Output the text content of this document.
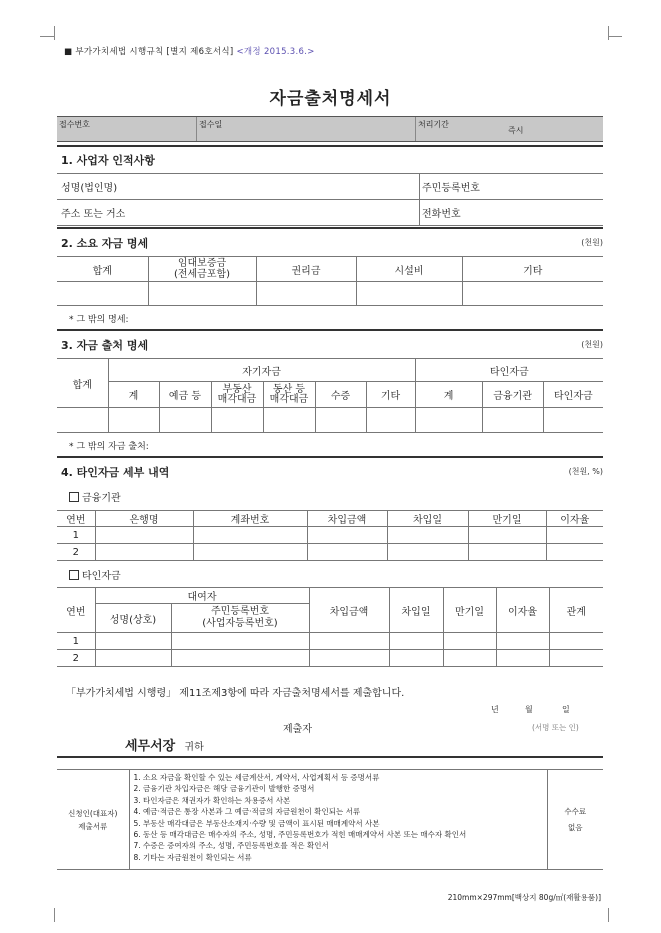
■ 부가가치세법 시행규칙 [별지 제6호서식] <개정 2015.3.6.>
자금출처명세서
접수번호	접수일	처리기간
즉시
1. 사업자 인적사항
성명(법인명)	주민등록번호
주소 또는 거소	전화번호
2. 소요 자금 명세	(천원)
합계	임대보증금
(전세금포함)	권리금	시설비	기타

* 그 밖의 명세:
3. 자금 출처 명세	(천원)
합계	자기자금						타인자금		
	계	예금 등	부동산
매각대금	동산 등
매각대금	수증	기타	계	금융기관	타인자금

* 그 밖의 자금 출처:
4. 타인자금 세부 내역	(천원, %)
금융기관
연번	은행명	계좌번호	차입금액	차입일	만기일	이자율
1						
2						
타인자금
연번	대여자		차입금액	차입일	만기일	이자율	관계
	성명(상호)	주민등록번호
(사업자등록번호)					
1							
2							
「부가가치세법 시행령」 제11조제3항에 따라 자금출처명세서를 제출합니다.
년	월	일
제출자	(서명 또는 인)
세무서장 귀하
신청인(대표자)
제출서류	
1. 소요 자금을 확인할 수 있는 세금계산서, 계약서, 사업계획서 등 증명서류
2. 금융기관 차입자금은 해당 금융기관이 발행한 증명서
3. 타인자금은 채권자가 확인하는 차용증서 사본
4. 예금·적금은 통장 사본과 그 예금·적금의 자금원천이 확인되는 서류
5. 부동산 매각대금은 부동산소재지·수량 및 금액이 표시된 매매계약서 사본
6. 동산 등 매각대금은 매수자의 주소, 성명, 주민등록번호가 적힌 매매계약서 사본 또는 매수자 확인서
7. 수증은 증여자의 주소, 성명, 주민등록번호를 적은 확인서
8. 기타는 자금원천이 확인되는 서류

수수료
없음
210mm×297mm[백상지 80g/㎡(재활용품)]
